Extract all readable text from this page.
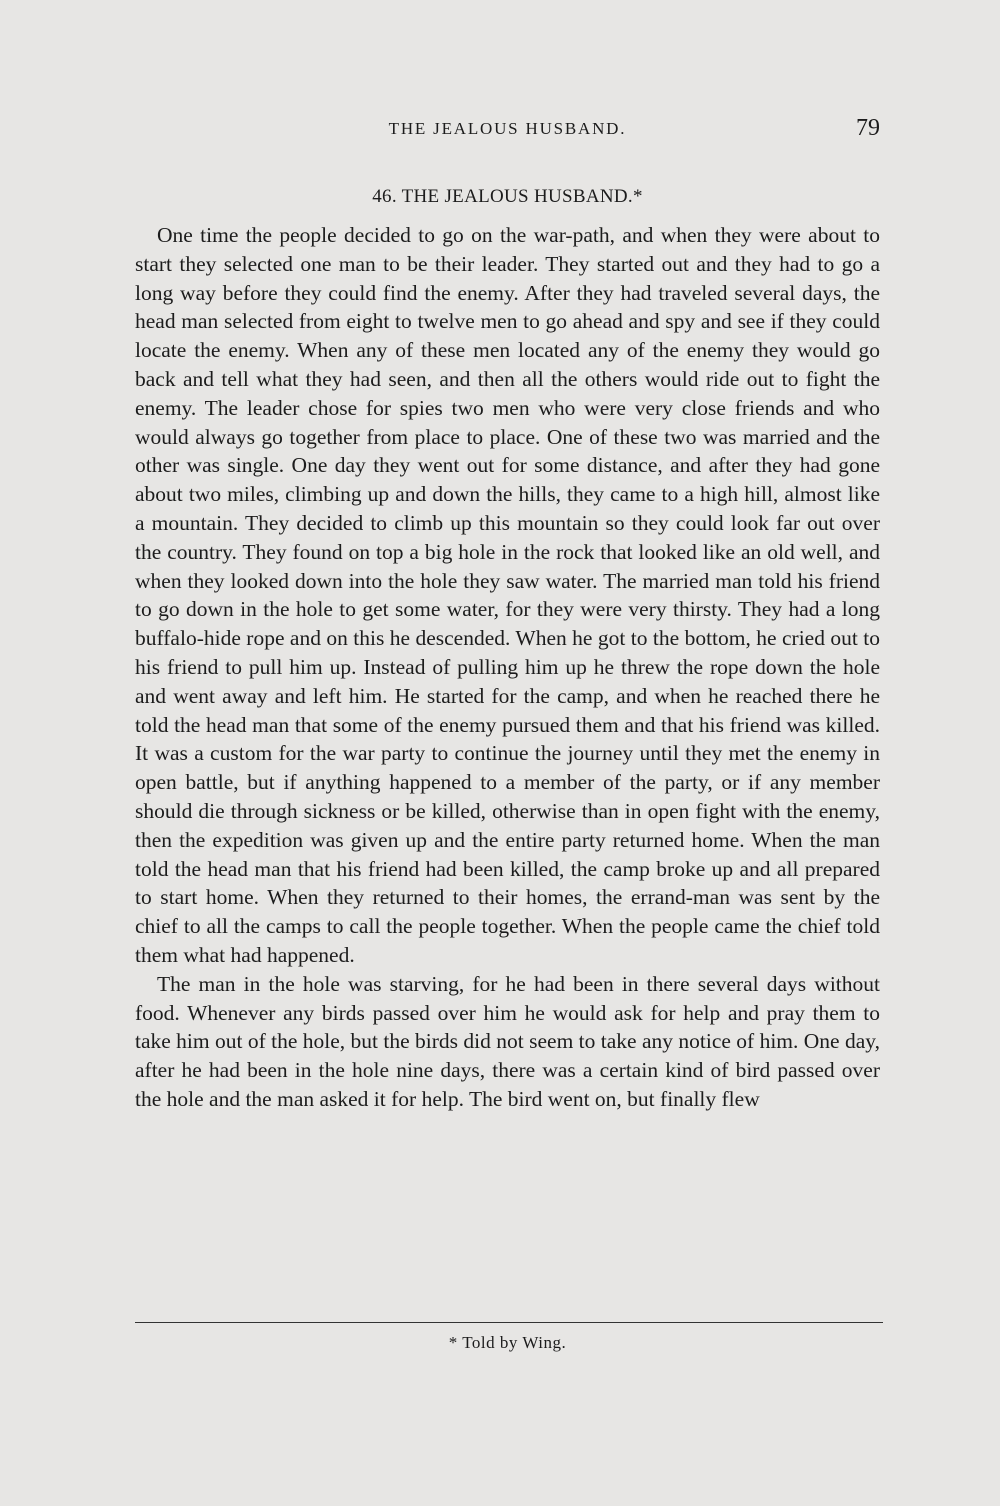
THE JEALOUS HUSBAND.	79
46. THE JEALOUS HUSBAND.*

One time the people decided to go on the war-path, and when they were about to start they selected one man to be their leader. They started out and they had to go a long way before they could find the enemy. After they had traveled several days, the head man selected from eight to twelve men to go ahead and spy and see if they could locate the enemy. When any of these men located any of the enemy they would go back and tell what they had seen, and then all the others would ride out to fight the enemy. The leader chose for spies two men who were very close friends and who would always go together from place to place. One of these two was married and the other was single. One day they went out for some distance, and after they had gone about two miles, climbing up and down the hills, they came to a high hill, almost like a mountain. They decided to climb up this mountain so they could look far out over the country. They found on top a big hole in the rock that looked like an old well, and when they looked down into the hole they saw water. The married man told his friend to go down in the hole to get some water, for they were very thirsty. They had a long buffalo-hide rope and on this he descended. When he got to the bottom, he cried out to his friend to pull him up. Instead of pulling him up he threw the rope down the hole and went away and left him. He started for the camp, and when he reached there he told the head man that some of the enemy pursued them and that his friend was killed. It was a custom for the war party to continue the journey until they met the enemy in open battle, but if anything happened to a member of the party, or if any member should die through sickness or be killed, otherwise than in open fight with the enemy, then the expedition was given up and the entire party returned home. When the man told the head man that his friend had been killed, the camp broke up and all prepared to start home. When they returned to their homes, the errand-man was sent by the chief to all the camps to call the people together. When the people came the chief told them what had happened.

The man in the hole was starving, for he had been in there several days without food. Whenever any birds passed over him he would ask for help and pray them to take him out of the hole, but the birds did not seem to take any notice of him. One day, after he had been in the hole nine days, there was a certain kind of bird passed over the hole and the man asked it for help. The bird went on, but finally flew

* Told by Wing.
